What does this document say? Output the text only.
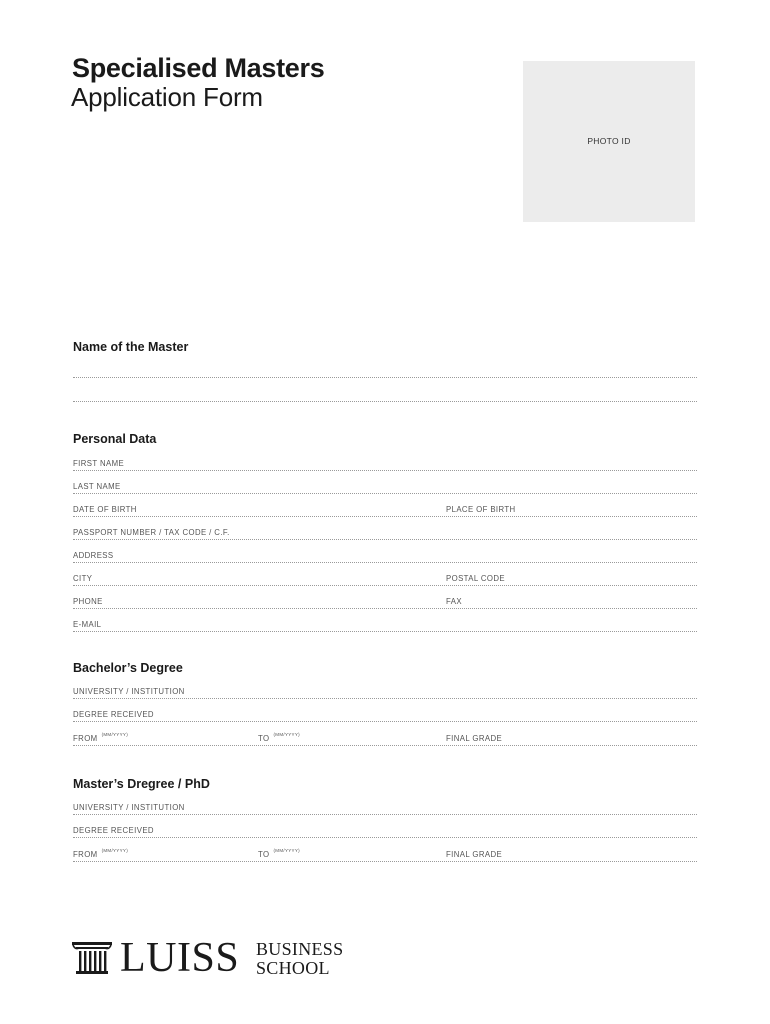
Specialised Masters
Application Form
PHOTO ID
Name of the Master
Personal Data
FIRST NAME
LAST NAME
DATE OF BIRTH	PLACE OF BIRTH
PASSPORT NUMBER / TAX CODE / C.F.
ADDRESS
CITY	POSTAL CODE
PHONE	FAX
E-MAIL
Bachelor’s Degree
UNIVERSITY / INSTITUTION
DEGREE RECEIVED
FROM $^{(MM/YYYY)}$	TO $^{(MM/YYYY)}$	FINAL GRADE
Master’s Dregree / PhD
UNIVERSITY / INSTITUTION
DEGREE RECEIVED
FROM $^{(MM/YYYY)}$	TO $^{(MM/YYYY)}$	FINAL GRADE
LUISS BUSINESS
SCHOOL
